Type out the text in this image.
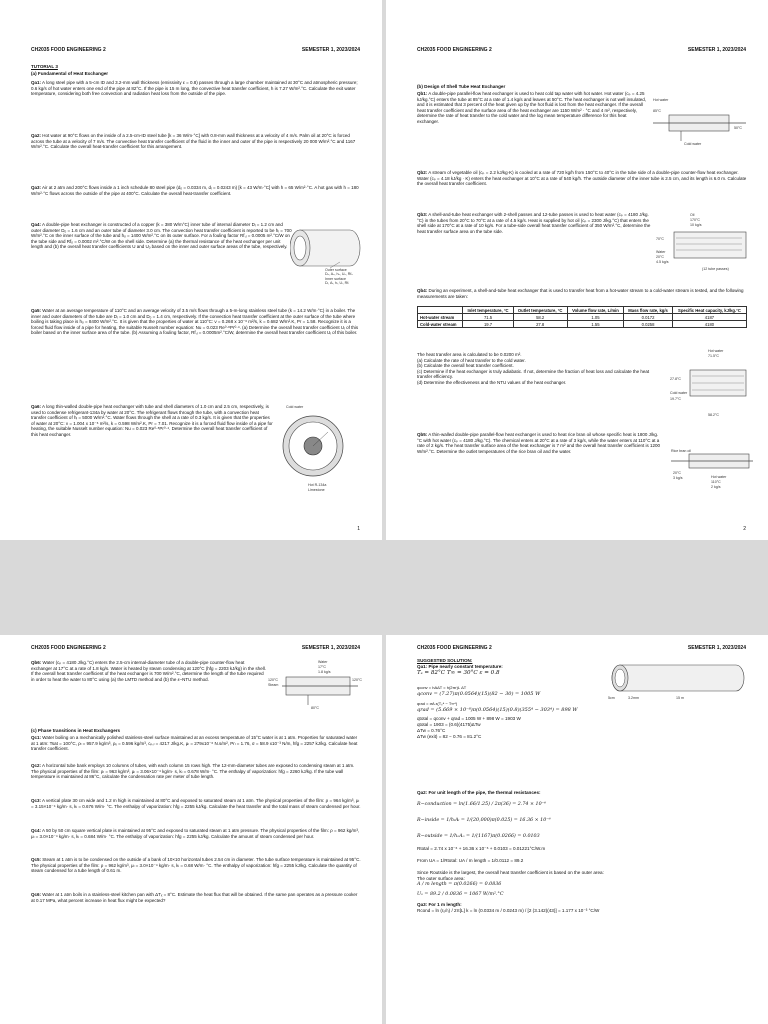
CH2035 FOOD ENGINEERING 2	SEMESTER 1, 2023/2024
TUTORIAL 3
(a) Fundamental of Heat Exchanger
Qa1: A long steel pipe with a 5-cm ID and 3.2-mm wall thickness (emissivity ε = 0.8) passes through a large chamber maintained at 30°C and atmospheric pressure; 0.6 kg/s of hot water enters one end of the pipe at 82°C. If the pipe is 15 m long, the convective heat transfer coefficient, h is 7.27 W/m².°C. Calculate the exit water temperature, considering both free convection and radiation heat loss from the outside of the pipe.
Qa2: Hot water at 90°C flows on the inside of a 2.5-cm-ID steel tube [k = 36 W/m·°C] with 0.8-mm wall thickness at a velocity of 4 m/s. Palm oil at 20°C is forced across the tube at a velocity of 7 m/s. The convective heat transfer coefficient of the fluid in the inner and outer of the pipe is respectively 20 000 W/m².°C and 1167 W/m².°C. Calculate the overall heat-transfer coefficient for this arrangement.
Qa3: Air at 2 atm and 200°C flows inside a 1 inch schedule 80 steel pipe (dₒ = 0.0334 m, dᵢ = 0.0243 m) [k = 43 W/m·°C] with h = 65 W/m²·°C. A hot gas with h = 180 W/m²·°C flows across the outside of the pipe at 400°C. Calculate the overall heat-transfer coefficient.
Qa4: A double-pipe heat exchanger is constructed of a copper (k = 380 W/m°C) inner tube of internal diameter Dᵢ = 1.2 cm and outer diameter Dₒ = 1.6 cm and an outer tube of diameter 3.0 cm. The convection heat transfer coefficient is reported to be hᵢ = 700 W/m².°C on the inner surface of the tube and hₒ = 1400 W/m².°C on its outer surface. For a fouling factor Rf,ᵢ = 0.0005 m².°C/W on the tube side and Rfₒ = 0.0002 m².°C/W on the shell side. Determine (a) the thermal resistance of the heat exchanger per unit length and (b) the overall heat transfer coefficients U and Uₒ based on the inner and outer surface areas of the tube, respectively.
Outer surface
Dₒ, Aₒ, hₒ, Uₒ, Rfₒ
Inner surface
Dᵢ, Aᵢ, hᵢ, Uᵢ, Rfᵢ
Qa5: Water at an average temperature of 110°C and an average velocity of 3.5 m/s flows through a 5-m-long stainless steel tube (k = 14.2 W/m·°C) in a boiler. The inner and outer diameters of the tube are Dᵢ = 1.0 cm and Dₒ = 1.4 cm, respectively. If the convection heat transfer coefficient at the outer surface of the tube where boiling is taking place is hₒ = 8400 W/m².°C. It is given that the properties of water at 110°C: ν = 0.268 x 10⁻⁶ m²/s, k = 0.682 W/m².K, Pr = 1.58. Recognize it is a forced fluid flow inside of a pipe for heating, the suitable Nusselt number equation: Nu = 0.023 Re⁰·⁸Pr⁰·⁴. (a) Determine the overall heat transfer coefficient Uᵢ of this boiler based on the inner surface area of the tube. (b) Assuming a fouling factor, Rf,ᵢ = 0.0005m².°C/W, determine the overall heat transfer coefficient Uᵢ of this boiler.
Qa6: A long thin-walled double-pipe heat exchanger with tube and shell diameters of 1.0 cm and 2.5 cm, respectively, is used to condense refrigerant-134a by water at 20°C. The refrigerant flows through the tube, with a convection heat transfer coefficient of hᵢ = 5000 W/m².°C. Water flows through the shell at a rate of 0.3 kg/s. It is given that the properties of water at 20°C: ν = 1.004 x 10⁻⁶ m²/s, k = 0.598 W/m².K, Pr = 7.01. Recognize it is a forced fluid flow inside of a pipe for heating, the suitable Nusselt number equation: Nu = 0.023 Re⁰·⁸Pr⁰·⁴. Determine the overall heat transfer coefficient of this heat exchanger.
Cold water
Hot R-134a
Limestone
1
CH2035 FOOD ENGINEERING 2	SEMESTER 1, 2023/2024
(b) Design of Shell Tube Heat Exchanger
Qb1: A double-pipe parallel-flow heat exchanger is used to heat cold tap water with hot water. Hot water (cₚ = 4.25 kJ/kg.°C) enters the tube at 85°C at a rate of 1.4 kg/s and leaves at 50°C. The heat exchanger is not well insulated, and it is estimated that 3 percent of the heat given up by the hot fluid is lost from the heat exchanger. If the overall heat transfer coefficient and the surface area of the heat exchanger are 1150 W/m² · °C and 4 m², respectively, determine the rate of heat transfer to the cold water and the log mean temperature difference for this heat exchanger.
Hot water
85°C
50°C
Cold water
Qb2: A stream of vegetable oil (cₚ = 2.2 kJ/kg·K) is cooled at a rate of 720 kg/h from 150°C to 40°C in the tube side of a double-pipe counter-flow heat exchanger. Water (cₚ = 4.18 kJ/kg · K) enters the heat exchanger at 10°C at a rate of 540 kg/h. The outside diameter of the inner tube is 2.5 cm, and its length is 6.0 m. Calculate the overall heat transfer coefficient.
Qb3: A shell-and-tube heat exchanger with 2-shell passes and 12-tube passes is used to heat water (cₚ = 4180 J/kg.°C) in the tubes from 20°C to 70°C at a rate of 4.5 kg/s. Heat is supplied by hot oil (cₚ = 2300 J/kg.°C) that enters the shell side at 170°C at a rate of 10 kg/s. For a tube-side overall heat transfer coefficient of 350 W/m².°C, determine the heat transfer surface area on the tube side.
Oil
170°C
10 kg/s
70°C
Water
20°C
4.5 kg/s
(12 tube passes)
Qb4: During an experiment, a shell-and-tube heat exchanger that is used to transfer heat from a hot-water stream to a cold-water stream is tested, and the following measurements are taken:
	Inlet temperature, °C	Outlet temperature, °C	Volume flow rate, L/min	Mass flow rate, kg/s	Specific Heat capacity, kJ/kg.°C
Hot-water stream	71.5	58.2	1.05	0.0172	4187
Cold-water stream	19.7	27.8	1.55	0.0258	4180

The heat transfer area is calculated to be 0.0200 m².

(a) Calculate the rate of heat transfer to the cold water.

(b) Calculate the overall heat transfer coefficient.

(c) Determine if the heat exchanger is truly adiabatic. If not, determine the fraction of heat loss and calculate the heat transfer efficiency.

(d) Determine the effectiveness and the NTU values of the heat exchanger.

Hot water
71.5°C
27.8°C
Cold water
19.7°C
58.2°C
Qb5: A thin-walled double-pipe parallel-flow heat exchanger is used to heat rice bran oil whose specific heat is 1800 J/kg.°C with hot water (cₚ = 4180 J/kg.°C). The chemical enters at 20°C at a rate of 3 kg/s, while the water enters at 110°C at a rate of 2 kg/s. The heat transfer surface area of the heat exchanger is 7 m² and the overall heat transfer coefficient is 1200 W/m².°C. Determine the outlet temperatures of the rice bran oil and the water.	Rice bran oil
20°C
3 kg/s	Hot water
110°C
2 kg/s
2
CH2035 FOOD ENGINEERING 2	SEMESTER 1, 2023/2024
Qb6: Water (cₚ = 4180 J/kg.°C) enters the 2.5-cm internal-diameter tube of a double-pipe counter-flow heat exchanger at 17°C at a rate of 1.8 kg/s. Water is heated by steam condensing at 120°C (hfg = 2203 kJ/kg) in the shell. If the overall heat transfer coefficient of the heat exchanger is 700 W/m².°C, determine the length of the tube required in order to heat the water to 80°C using (a) the LMTD method and (b) the ε–NTU method.
Water
17°C
1.8 kg/s
120°C
Steam
120°C
80°C
(c) Phase transitions in Heat Exchangers
Qc1: Water boiling on a mechanically polished stainless-steel surface maintained at an excess temperature of 15°C water is at 1 atm. Properties for saturated water at 1 atm: Tsat = 100°C, ρₗ = 957.9 kg/m³, ρᵥ = 0.596 kg/m³, cₚ,ₗ = 4217 J/kg.K, μₗ = 279x10⁻⁶ N.s/m², Prₗ = 1.76, σ = 58.9 x10⁻³ N/m, hfg = 2257 kJ/kg. Calculate heat transfer coefficient.
Qc2: A horizontal tube bank employs 10 columns of tubes, with each column 15 rows high. The 12-mm-diameter tubes are exposed to condensing steam at 1 atm. The physical properties of the film: ρₗ = 963 kg/m³, μₗ = 3.06×10⁻⁴ kg/m· s, kₗ = 0.678 W/m· °C. The enthalpy of vaporization: hfg = 2260 kJ/kg. If the tube wall temperature is maintained at 86°C, calculate the condensation rate per meter of tube length.
Qc3: A vertical plate 30 cm wide and 1.2 m high is maintained at 80°C and exposed to saturated steam at 1 atm. The physical properties of the film: ρ = 964 kg/m³, μₗ = 3.15×10⁻⁴ kg/m· s, kₗ = 0.676 W/m· °C. The enthalpy of vaporization: hfg = 2255 kJ/kg. Calculate the heat transfer and the total mass of steam condensed per hour.
Qc4: A 50 by 50 cm square vertical plate is maintained at 95°C and exposed to saturated steam at 1 atm pressure. The physical properties of the film: ρ = 962 kg/m³, μₗ = 3.0×10⁻⁴ kg/m· s, kₗ = 0.684 W/m· °C. The enthalpy of vaporization: hfg = 2255 kJ/kg. Calculate the amount of steam condensed per hour.
Qc5: Steam at 1 atm is to be condensed on the outside of a bank of 10×10 horizontal tubes 2.54 cm in diameter. The tube surface temperature is maintained at 95°C. The physical properties of the film: ρ = 962 kg/m³, μₗ = 3.0×10⁻⁴ kg/m· s, kₗ = 0.68 W/m· °C. The enthalpy of vaporization: hfg = 2255 kJ/kg. Calculate the quantity of steam condensed for a tube length of 0.61 m.
Qc6: Water at 1 atm boils in a stainless-steel kitchen pan with ΔTₓ = 8°C. Estimate the heat flux that will be obtained. If the same pan operates as a pressure cooker at 0.17 MPa, what percent increase in heat flux might be expected?
CH2035 FOOD ENGINEERING 2	SEMESTER 1, 2023/2024
SUGGESTED SOLUTION:
Qa1: Pipe nearly constant temperature:
Tₛ = 82°C T∞ = 30°C ε = 0.8
5cm	3.2mm	15 m
qconv = hAΔT = h(2πr)L ΔT
qconv = (7.27)π(0.0564)(15)(82 − 30) = 1005 W
qrad = σA ε(Tₛ⁴ − T∞⁴)
qrad = (5.669 × 10⁻⁸)π(0.0564)(15)(0.8)(355⁴ − 303⁴) = 898 W
qtotal = qconv + qrad = 1005 W + 898 W = 1903 W
qtotal = 1903 = (0.6)(4175)ΔTw
ΔTw = 0.76°C
ΔTw (exit) = 82 − 0.76 = 81.2°C
Qa2: For unit length of the pipe, the thermal resistances:
R−conduction = ln(1.66/1.25) / 2π(36) = 2.74 × 10⁻⁶
R−inside = 1/hᵢAᵢ = 1/(20,000)π(0.025) = 16.36 × 10⁻⁶
R−outside = 1/hₒAₒ = 1/(1167)π(0.0266) = 0.0103
Rtotal = 2.74 x 10⁻⁶ + 16.36 x 10⁻⁶ + 0.0103 = 0.01221°C/W.m
From UA = 1/Rtotal: UA / m length = 1/0.0112 = 89.2
Since Routside is the largest, the overall heat transfer coefficient is based on the outer area:
The outer surface area:
A / m length = π(0.0266) = 0.0836
Uₒ = 89.2 / 0.0836 = 1067 W/m².°C
Qa3: For 1 m length:
Rcond = ln (rₒ/rᵢ) / 2π[L] k = ln (0.0334 m / 0.0243 m) / [2 (3.142)(43)] = 1.177 x 10⁻³ °C/W
